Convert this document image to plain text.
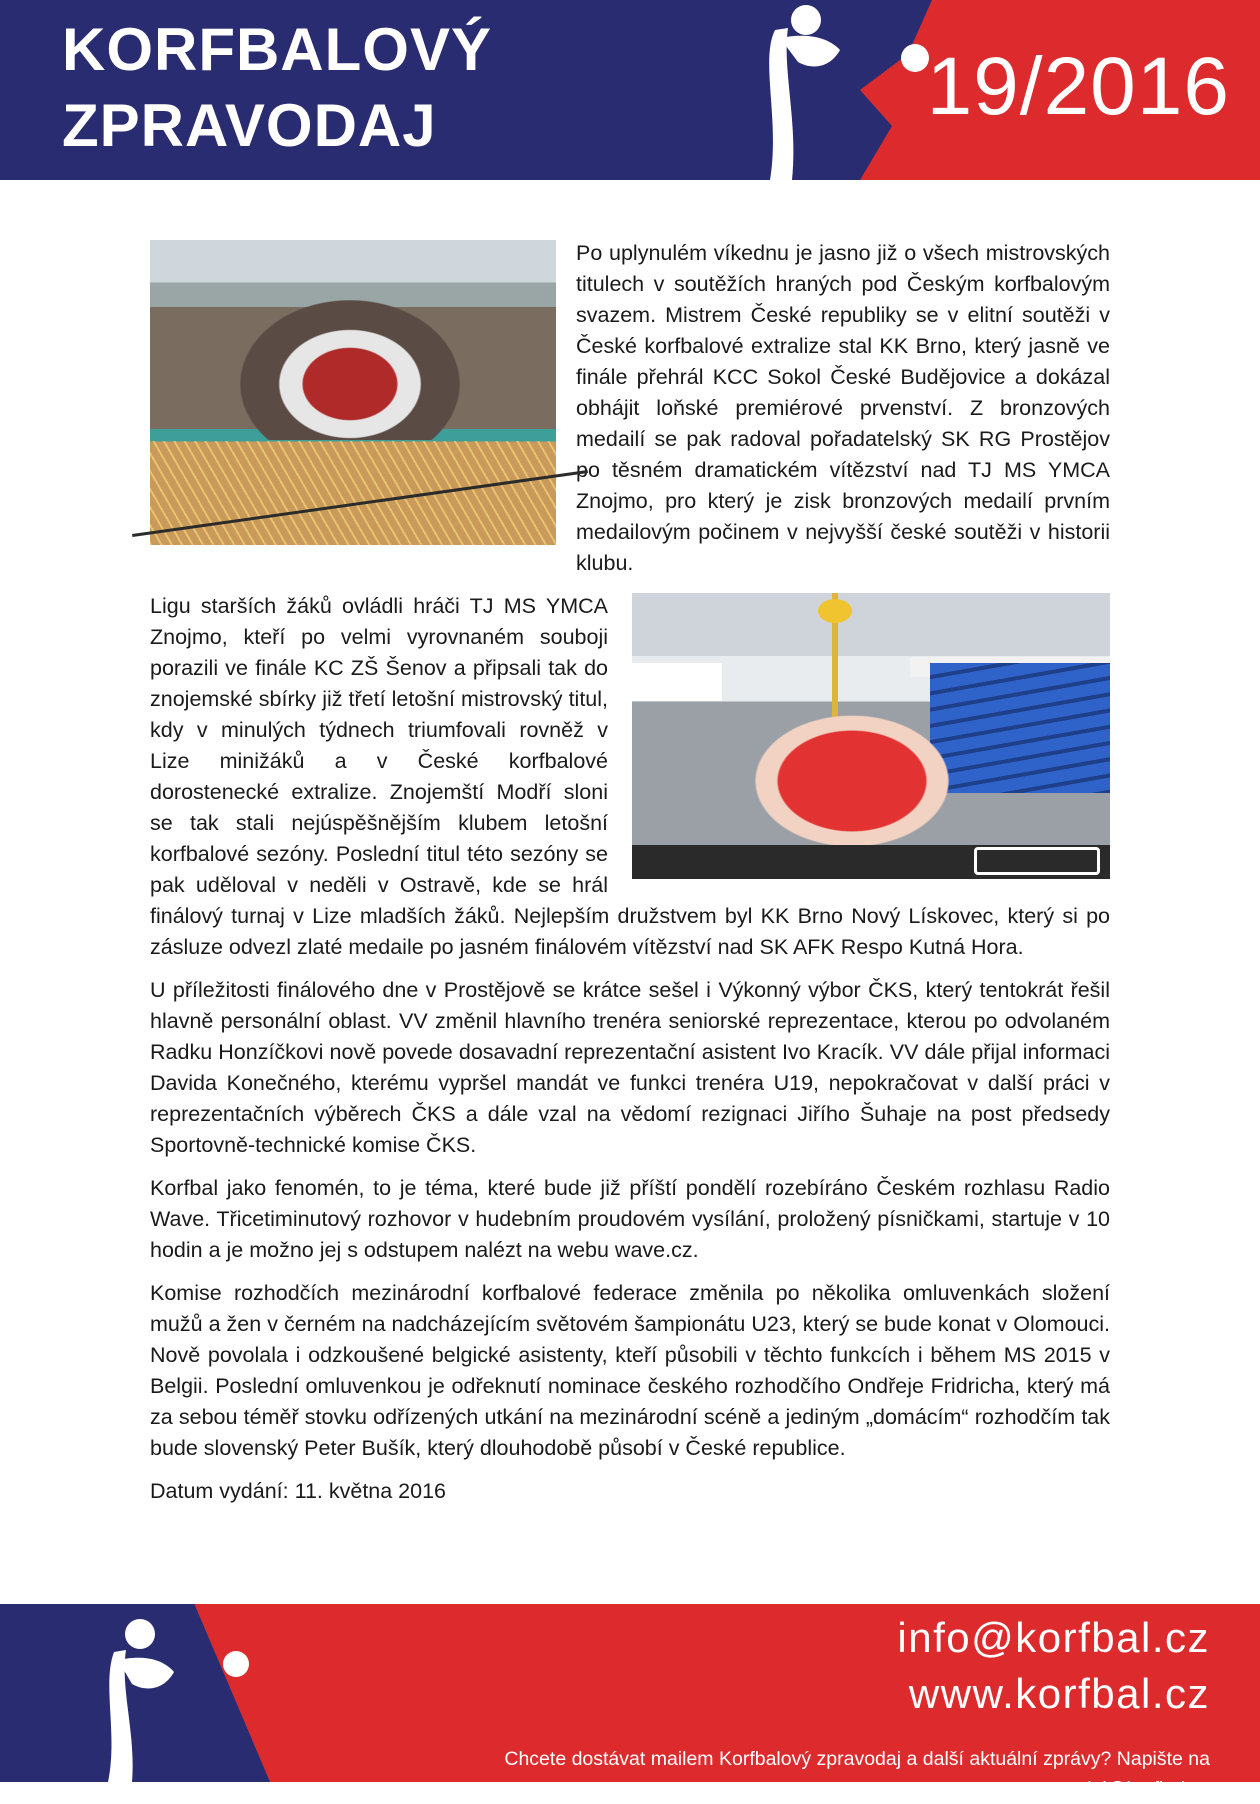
KORFBALOVÝ
ZPRAVODAJ	19/2016

Po uplynulém víkednu je jasno již o všech mistrovských titulech v soutěžích hraných pod Českým korfbalovým svazem. Mistrem České republiky se v elitní soutěži v České korfbalové extralize stal KK Brno, který jasně ve finále přehrál KCC Sokol České Budějovice a dokázal obhájit loňské premiérové prvenství. Z bronzových medailí se pak radoval pořadatelský SK RG Prostějov po těsném dramatickém vítězství nad TJ MS YMCA Znojmo, pro který je zisk bronzových medailí prvním medailovým počinem v nejvyšší české soutěži v historii klubu.

Ligu starších žáků ovládli hráči TJ MS YMCA Znojmo, kteří po velmi vyrovnaném souboji porazili ve finále KC ZŠ Šenov a připsali tak do znojemské sbírky již třetí letošní mistrovský titul, kdy v minulých týdnech triumfovali rovněž v Lize minižáků a v České korfbalové dorostenecké extralize. Znojemští Modří sloni se tak stali nejúspěšnějším klubem letošní korfbalové sezóny. Poslední titul této sezóny se pak uděloval v neděli v Ostravě, kde se hrál finálový turnaj v Lize mladších žáků. Nejlepším družstvem byl KK Brno Nový Lískovec, který si po zásluze odvezl zlaté medaile po jasném finálovém vítězství nad SK AFK Respo Kutná Hora.

U příležitosti finálového dne v Prostějově se krátce sešel i Výkonný výbor ČKS, který tentokrát řešil hlavně personální oblast. VV změnil hlavního trenéra seniorské reprezentace, kterou po odvolaném Radku Honzíčkovi nově povede dosavadní reprezentační asistent Ivo Kracík. VV dále přijal informaci Davida Konečného, kterému vypršel mandát ve funkci trenéra U19, nepokračovat v další práci v reprezentačních výběrech ČKS a dále vzal na vědomí rezignaci Jiřího Šuhaje na post předsedy Sportovně-technické komise ČKS.

Korfbal jako fenomén, to je téma, které bude již příští pondělí rozebíráno Českém rozhlasu Radio Wave. Třicetiminutový rozhovor v hudebním proudovém vysílání, proložený písničkami, startuje v 10 hodin a je možno jej s odstupem nalézt na webu wave.cz.

Komise rozhodčích mezinárodní korfbalové federace změnila po několika omluvenkách složení mužů a žen v černém na nadcházejícím světovém šampionátu U23, který se bude konat v Olomouci. Nově povolala i odzkoušené belgické asistenty, kteří působili v těchto funkcích i během MS 2015 v Belgii. Poslední omluvenkou je odřeknutí nominace českého rozhodčího Ondřeje Fridricha, který má za sebou téměř stovku odřízených utkání na mezinárodní scéně a jediným „domácím“ rozhodčím tak bude slovenský Peter Bušík, který dlouhodobě působí v České republice.

Datum vydání: 11. května 2016

info@korfbal.cz
www.korfbal.cz
Chcete dostávat mailem Korfbalový zpravodaj a další aktuální zprávy? Napište na zpravodaj@korfbal.cz
